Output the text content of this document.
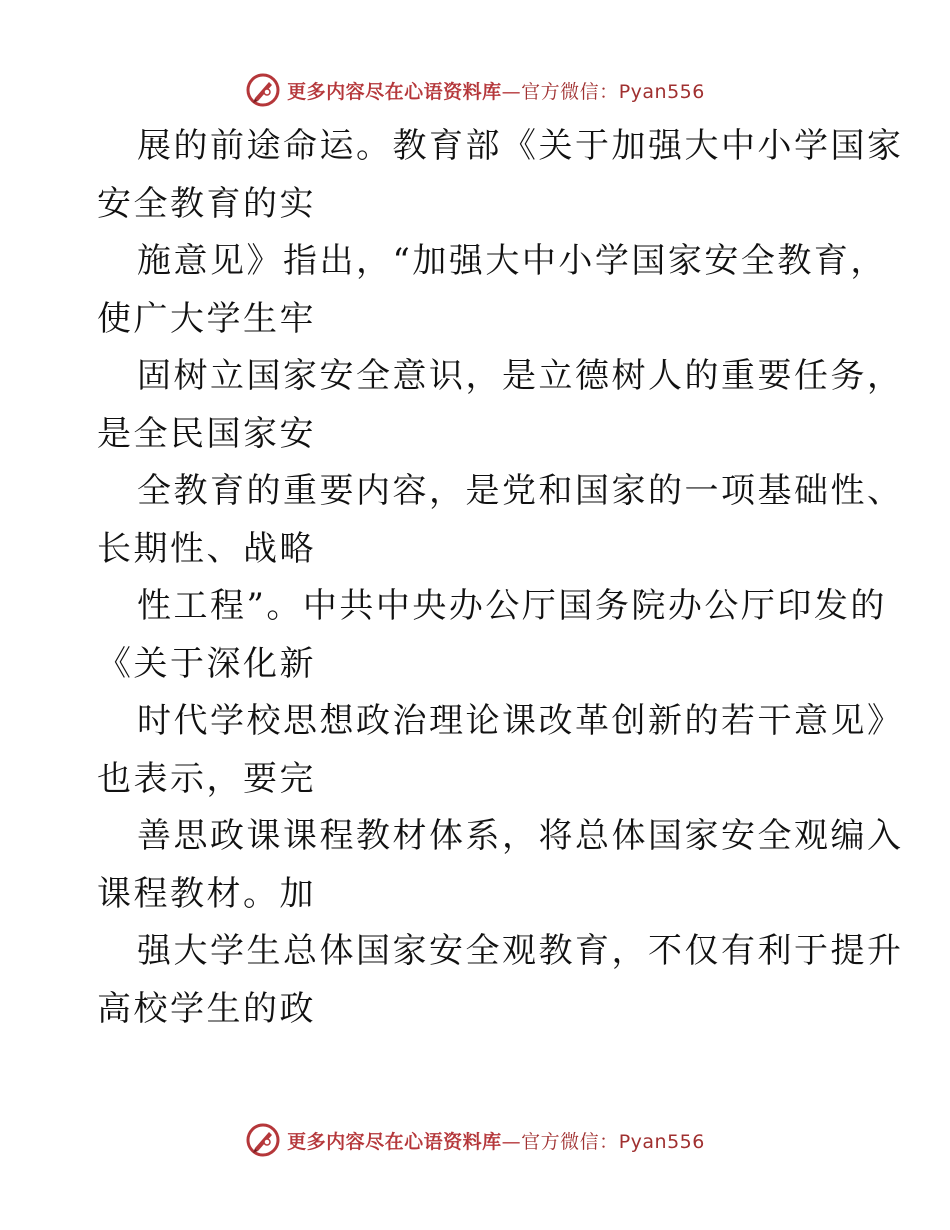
更多内容尽在心语资料库—官方微信：Pyan556
展的前途命运。教育部《关于加强大中小学国家
安全教育的实
施意见》指出，“加强大中小学国家安全教育，
使广大学生牢
固树立国家安全意识，是立德树人的重要任务，
是全民国家安
全教育的重要内容，是党和国家的一项基础性、
长期性、战略
性工程”。中共中央办公厅国务院办公厅印发的
《关于深化新
时代学校思想政治理论课改革创新的若干意见》
也表示，要完
善思政课课程教材体系，将总体国家安全观编入
课程教材。加
强大学生总体国家安全观教育，不仅有利于提升
高校学生的政
更多内容尽在心语资料库—官方微信：Pyan556
